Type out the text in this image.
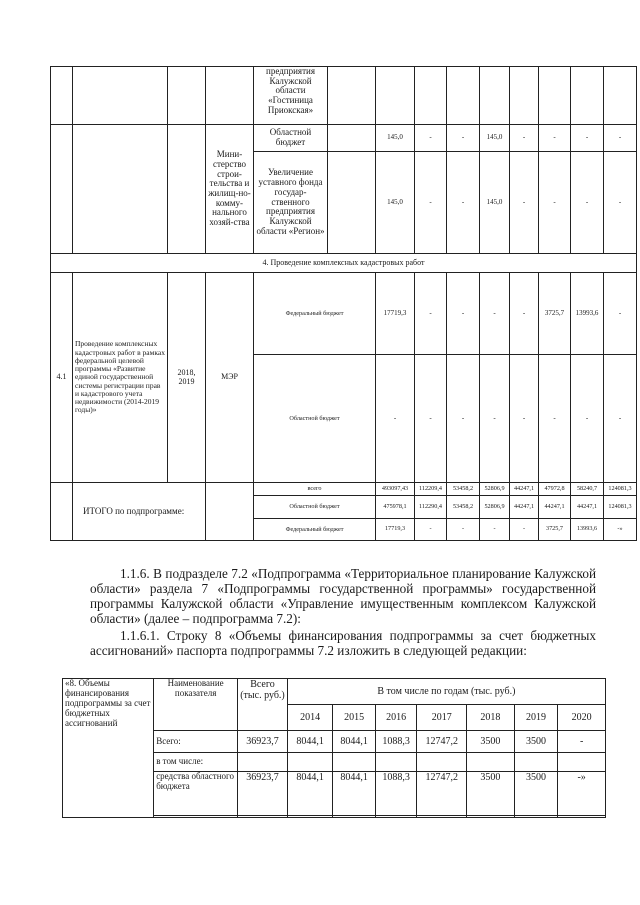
				предприятия Калужской области «Гостиница Приокская»									
			Мини-стерство строи-тельства и жилищ-но-комму-нального хозяй-ства	Областной бюджет		145,0	-	-	145,0	-	-	-	-
				Увеличение уставного фонда государ-ственного предприятия Калужской области «Регион»		145,0	-	-	145,0	-	-	-	-
4. Проведение комплексных кадастровых работ													
4.1	Проведение комплексных кадастровых работ в рамках федеральной целевой программы «Развитие единой государственной системы регистрации прав и кадастрового учета недвижимости (2014-2019 годы)»	2018, 2019	МЭР	Федеральный бюджет		17719,3	-	-	-	-	3725,7	13993,6	-
				Областной бюджет		-	-	-	-	-	-	-	-
	ИТОГО по подпрограмме:			всего		493097,43	112209,4	53458,2	52806,9	44247,1	47972,8	58240,7	124081,3
				Областной бюджет		475978,1	112290,4	53458,2	52806,9	44247,1	44247,1	44247,1	124081,3
				Федеральный бюджет		17719,3	-	-	-	-	3725,7	13993,6	-»

1.1.6. В подразделе 7.2 «Подпрограмма «Территориальное планирование Калужской области» раздела 7 «Подпрограммы государственной программы» государственной программы Калужской области «Управление имущественным комплексом Калужской области» (далее – подпрограмма 7.2):

1.1.6.1. Строку 8 «Объемы финансирования подпрограммы за счет бюджетных ассигнований» паспорта подпрограммы 7.2 изложить в следующей редакции:

«8. Объемы финансирования подпрограммы за счет бюджетных ассигнований	Наименование показателя	Всего (тыс. руб.)	В том числе по годам (тыс. руб.)						
			2014	2015	2016	2017	2018	2019	2020
	Всего:	36923,7	8044,1	8044,1	1088,3	12747,2	3500	3500	-
	в том числе:								
	средства областного бюджета	36923,7	8044,1	8044,1	1088,3	12747,2	3500	3500	-»
